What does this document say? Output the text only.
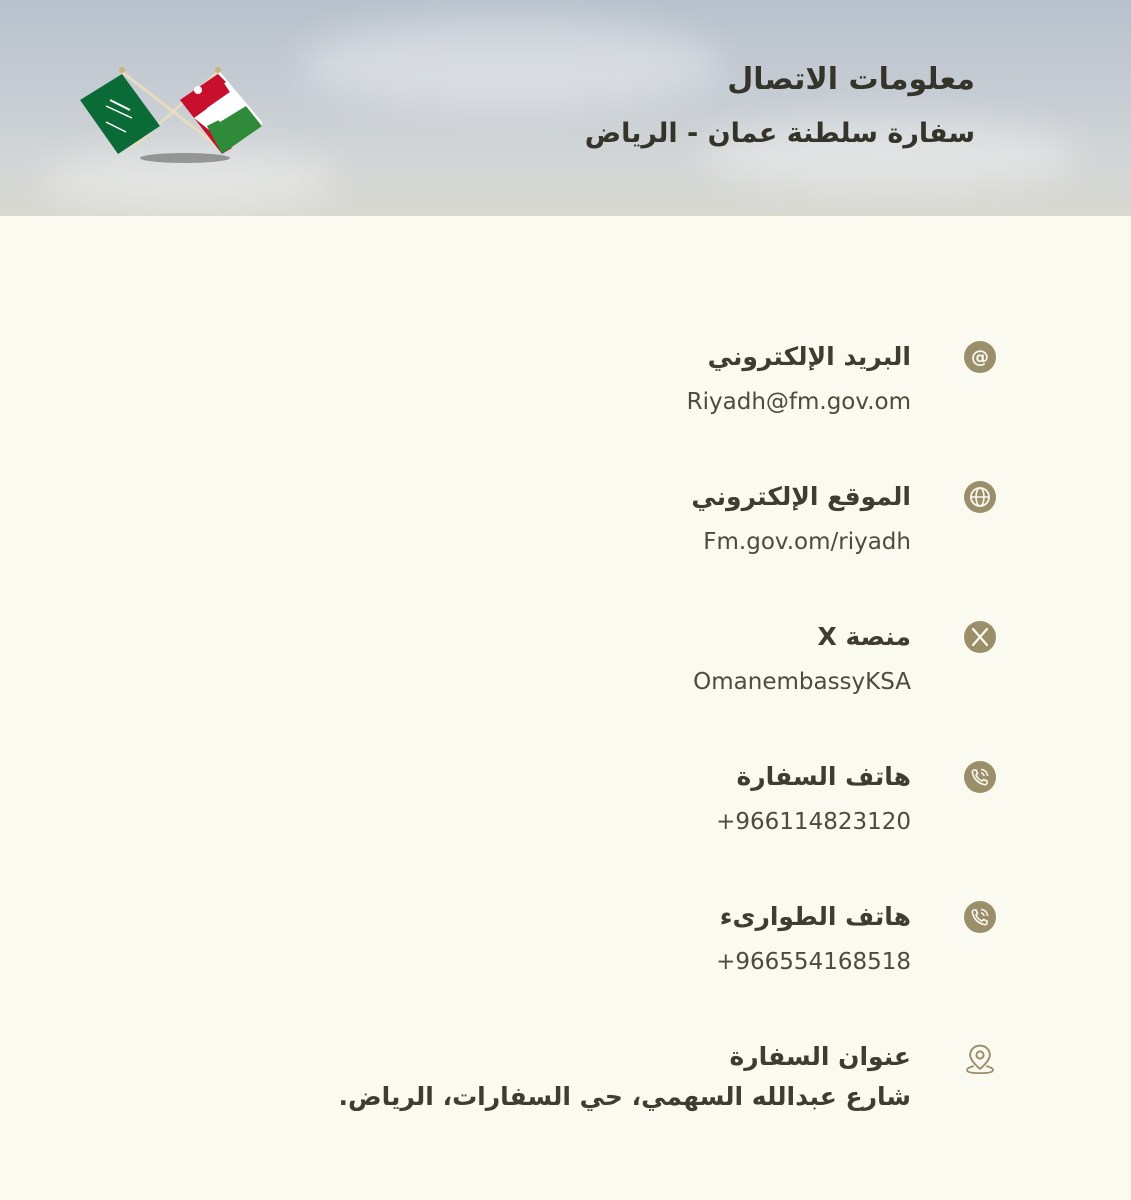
معلومات الاتصال
سفارة سلطنة عمان - الرياض
@
البريد الإلكتروني
Riyadh@fm.gov.om
الموقع الإلكتروني
Fm.gov.om/riyadh
منصة X
OmanembassyKSA
هاتف السفارة
+966114823120
هاتف الطوارىء
+966554168518
عنوان السفارة
شارع عبدالله السهمي، حي السفارات، الرياض.
